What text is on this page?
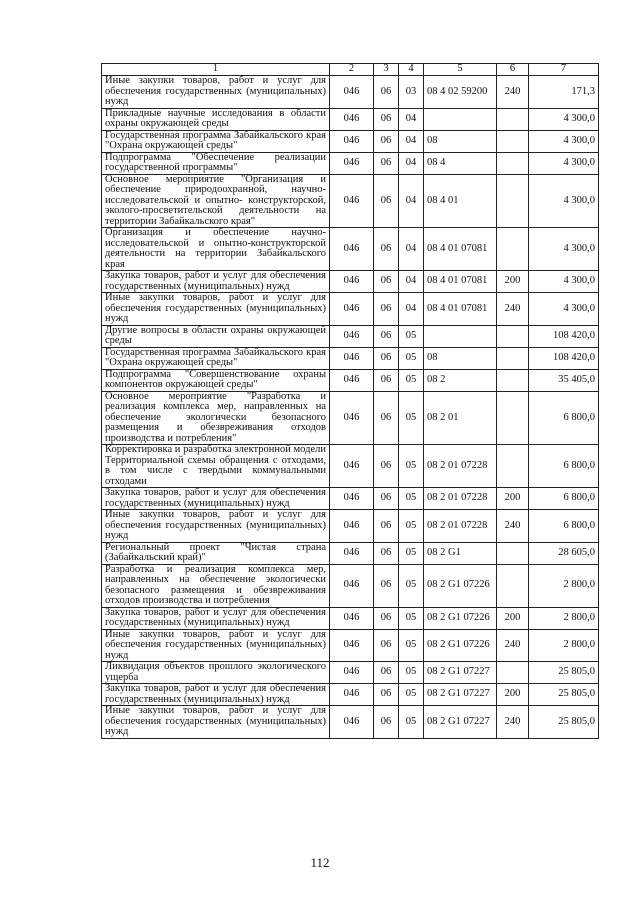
1	2	3	4	5	6	7
Иные закупки товаров, работ и услуг для обеспечения государственных (муниципальных) нужд	046	06	03	08 4 02 59200	240	171,3
Прикладные научные исследования в области охраны окружающей среды	046	06	04			4 300,0
Государственная программа Забайкальского края "Охрана окружающей среды"	046	06	04	08		4 300,0
Подпрограмма "Обеспечение реализации государственной программы"	046	06	04	08 4		4 300,0
Основное мероприятие "Организация и обеспечение природоохранной, научно-исследовательской и опытно- конструкторской, эколого-просветительской деятельности на территории Забайкальского края"	046	06	04	08 4 01		4 300,0
Организация и обеспечение научно-исследовательской и опытно-конструкторской деятельности на территории Забайкальского края	046	06	04	08 4 01 07081		4 300,0
Закупка товаров, работ и услуг для обеспечения государственных (муниципальных) нужд	046	06	04	08 4 01 07081	200	4 300,0
Иные закупки товаров, работ и услуг для обеспечения государственных (муниципальных) нужд	046	06	04	08 4 01 07081	240	4 300,0
Другие вопросы в области охраны окружающей среды	046	06	05			108 420,0
Государственная программа Забайкальского края "Охрана окружающей среды"	046	06	05	08		108 420,0
Подпрограмма "Совершенствование охраны компонентов окружающей среды"	046	06	05	08 2		35 405,0
Основное мероприятие "Разработка и реализация комплекса мер, направленных на обеспечение экологически безопасного размещения и обезвреживания отходов производства и потребления"	046	06	05	08 2 01		6 800,0
Корректировка и разработка электронной модели Территориальной схемы обращения с отходами, в том числе с твердыми коммунальными отходами	046	06	05	08 2 01 07228		6 800,0
Закупка товаров, работ и услуг для обеспечения государственных (муниципальных) нужд	046	06	05	08 2 01 07228	200	6 800,0
Иные закупки товаров, работ и услуг для обеспечения государственных (муниципальных) нужд	046	06	05	08 2 01 07228	240	6 800,0
Региональный проект "Чистая страна (Забайкальский край)"	046	06	05	08 2 G1		28 605,0
Разработка и реализация комплекса мер, направленных на обеспечение экологически безопасного размещения и обезвреживания отходов производства и потребления	046	06	05	08 2 G1 07226		2 800,0
Закупка товаров, работ и услуг для обеспечения государственных (муниципальных) нужд	046	06	05	08 2 G1 07226	200	2 800,0
Иные закупки товаров, работ и услуг для обеспечения государственных (муниципальных) нужд	046	06	05	08 2 G1 07226	240	2 800,0
Ликвидация объектов прошлого экологического ущерба	046	06	05	08 2 G1 07227		25 805,0
Закупка товаров, работ и услуг для обеспечения государственных (муниципальных) нужд	046	06	05	08 2 G1 07227	200	25 805,0
Иные закупки товаров, работ и услуг для обеспечения государственных (муниципальных) нужд	046	06	05	08 2 G1 07227	240	25 805,0
112
